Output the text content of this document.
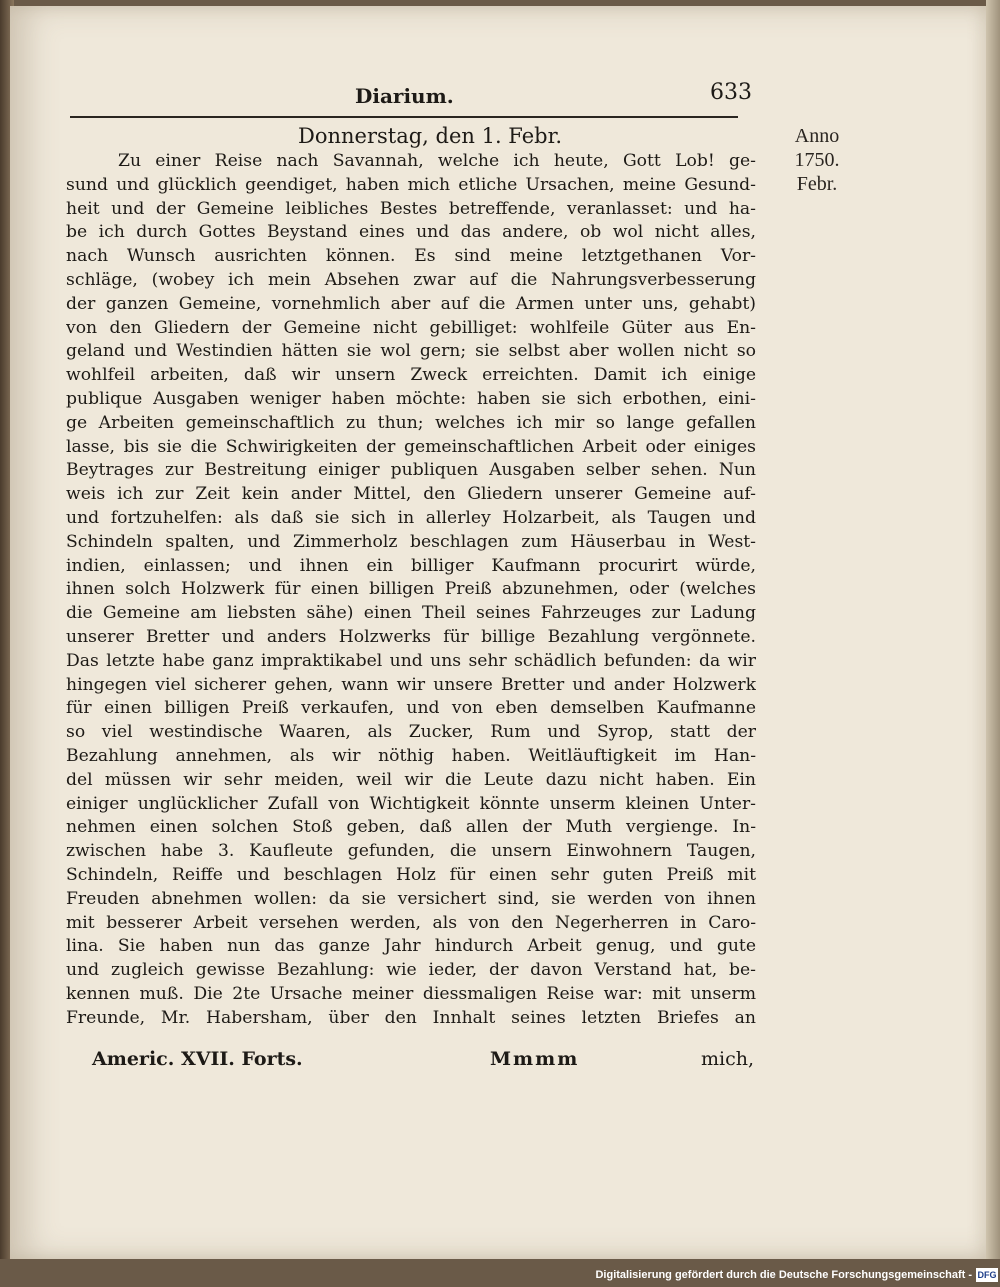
Diarium.	633
Donnerstag, den 1. Febr.	Anno
1750.
Febr.
Zu einer Reise nach Savannah, welche ich heute, Gott Lob! ge-
sund und glücklich geendiget, haben mich etliche Ursachen, meine Gesund-
heit und der Gemeine leibliches Bestes betreffende, veranlasset: und ha-
be ich durch Gottes Beystand eines und das andere, ob wol nicht alles,
nach Wunsch ausrichten können. Es sind meine letztgethanen Vor-
schläge, (wobey ich mein Absehen zwar auf die Nahrungsverbesserung
der ganzen Gemeine, vornehmlich aber auf die Armen unter uns, gehabt)
von den Gliedern der Gemeine nicht gebilliget: wohlfeile Güter aus En-
geland und Westindien hätten sie wol gern; sie selbst aber wollen nicht so
wohlfeil arbeiten, daß wir unsern Zweck erreichten. Damit ich einige
publique Ausgaben weniger haben möchte: haben sie sich erbothen, eini-
ge Arbeiten gemeinschaftlich zu thun; welches ich mir so lange gefallen
lasse, bis sie die Schwirigkeiten der gemeinschaftlichen Arbeit oder einiges
Beytrages zur Bestreitung einiger publiquen Ausgaben selber sehen. Nun
weis ich zur Zeit kein ander Mittel, den Gliedern unserer Gemeine auf-
und fortzuhelfen: als daß sie sich in allerley Holzarbeit, als Taugen und
Schindeln spalten, und Zimmerholz beschlagen zum Häuserbau in West-
indien, einlassen; und ihnen ein billiger Kaufmann procurirt würde,
ihnen solch Holzwerk für einen billigen Preiß abzunehmen, oder (welches
die Gemeine am liebsten sähe) einen Theil seines Fahrzeuges zur Ladung
unserer Bretter und anders Holzwerks für billige Bezahlung vergönnete.
Das letzte habe ganz impraktikabel und uns sehr schädlich befunden: da wir
hingegen viel sicherer gehen, wann wir unsere Bretter und ander Holzwerk
für einen billigen Preiß verkaufen, und von eben demselben Kaufmanne
so viel westindische Waaren, als Zucker, Rum und Syrop, statt der
Bezahlung annehmen, als wir nöthig haben. Weitläuftigkeit im Han-
del müssen wir sehr meiden, weil wir die Leute dazu nicht haben. Ein
einiger unglücklicher Zufall von Wichtigkeit könnte unserm kleinen Unter-
nehmen einen solchen Stoß geben, daß allen der Muth vergienge. In-
zwischen habe 3. Kaufleute gefunden, die unsern Einwohnern Taugen,
Schindeln, Reiffe und beschlagen Holz für einen sehr guten Preiß mit
Freuden abnehmen wollen: da sie versichert sind, sie werden von ihnen
mit besserer Arbeit versehen werden, als von den Negerherren in Caro-
lina. Sie haben nun das ganze Jahr hindurch Arbeit genug, und gute
und zugleich gewisse Bezahlung: wie ieder, der davon Verstand hat, be-
kennen muß. Die 2te Ursache meiner diessmaligen Reise war: mit unserm
Freunde, Mr. Habersham, über den Innhalt seines letzten Briefes an
Americ. XVII. Forts.	Mmmm	mich,
Digitalisierung gefördert durch die Deutsche Forschungsgemeinschaft - DFG
